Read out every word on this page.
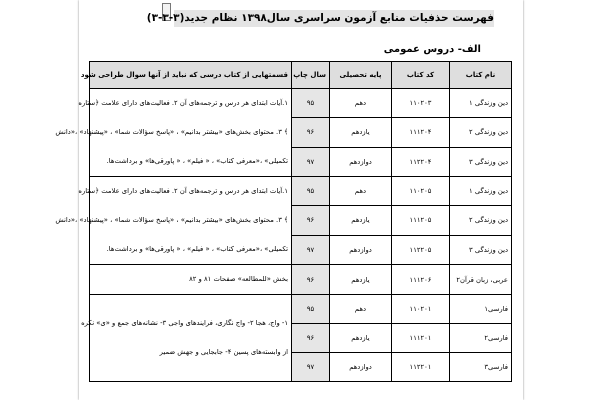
فهرست حذفیات منابع آزمون سراسری سال۱۳۹۸ نظام جدید(۳-۳-۳)
الف- دروس عمومی
نام کتاب	کد کتاب	پایه تحصیلی	سال چاپ	قسمتهایی از کتاب درسی که نباید از آنها سوال طراحی شود
دین وزندگی ۱	۱۱۰۲۰۳	دهم	۹۵	۱.آیات ابتدای هر درس و ترجمه‌های آن ۲. فعالیت‌های دارای علامت ﴿ستاره
﴾ ۳. محتوای بخش‌های «بیشتر بدانیم» ، «پاسخ سؤالات شما» ، «پیشنهاد» ،«دانش
تکمیلی» ،«معرفی کتاب» ، « فیلم» ، « پاورقی‌ها» و برداشت‌ها.

دین وزندگی ۲	۱۱۱۲۰۴	یازدهم	۹۶	
دین وزندگی ۳	۱۱۲۲۰۴	دوازدهم	۹۷	
دین وزندگی ۱	۱۱۰۲۰۵	دهم	۹۵	۱.آیات ابتدای هر درس و ترجمه‌های آن ۲. فعالیت‌های دارای علامت ﴿ستاره
﴾ ۳. محتوای بخش‌های «بیشتر بدانیم» ، «پاسخ سؤالات شما» ، «پیشنهاد» ،«دانش
تکمیلی» ،«معرفی کتاب» ، « فیلم» ، « پاورقی‌ها» و برداشت‌ها.

دین وزندگی ۲	۱۱۱۲۰۵	یازدهم	۹۶	
دین وزندگی ۳	۱۱۲۲۰۵	دوازدهم	۹۷	
عربی، زبان قرآن۲	۱۱۱۲۰۶	یازدهم	۹۶	بخش «للمطالعه» صفحات ۸۱ و ۸۲

فارسی۱	۱۱۰۲۰۱	دهم	۹۵	۱- واج، هجا ۲- واج نگاری، فرایندهای واجی ۳- نشانه‌های جمع و «ی» نکره
از وابسته‌های پسین ۴- جابجایی و جهش ضمیر

فارسی۲	۱۱۱۲۰۱	یازدهم	۹۶	
فارسی۳	۱۱۲۲۰۱	دوازدهم	۹۷	
